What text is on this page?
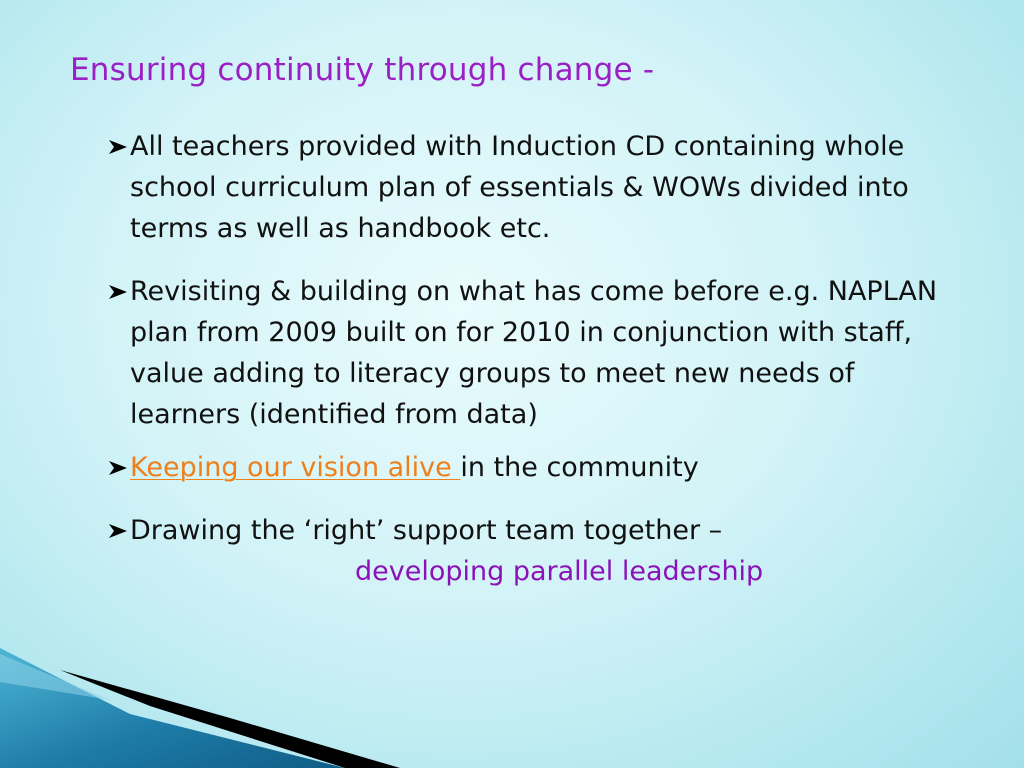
Ensuring continuity through change -
All teachers provided with Induction CD containing whole school curriculum plan of essentials & WOWs divided into terms as well as handbook etc.
Revisiting & building on what has come before e.g. NAPLAN plan from 2009 built on for 2010 in conjunction with staff, value adding to literacy groups to meet new needs of learners (identified from data)
Keeping our vision alive in the community
Drawing the ‘right’ support team together –
developing parallel leadership
